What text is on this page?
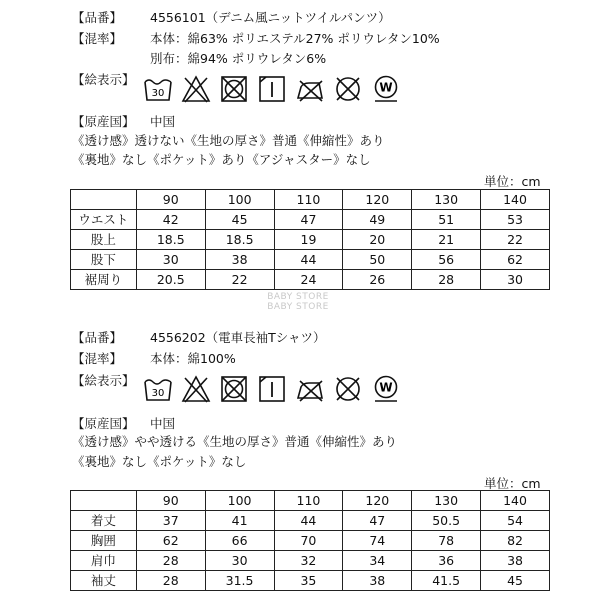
【品番】 4556101（デニム風ニットツイルパンツ）
【混率】 本体：綿63% ポリエステル27% ポリウレタン10%
別布：綿94% ポリウレタン6%
【絵表示】
30	W
【原産国】 中国
《透け感》透けない《生地の厚さ》普通《伸縮性》あり
《裏地》なし《ポケット》あり《アジャスター》なし
単位：cm
	90	100	110	120	130	140
ウエスト	42	45	47	49	51	53
股上	18.5	18.5	19	20	21	22
股下	30	38	44	50	56	62
裾周り	20.5	22	24	26	28	30
BABY STORE
BABY STORE
【品番】 4556202（電車長袖Tシャツ）
【混率】 本体：綿100%
【絵表示】
30	W
【原産国】 中国
《透け感》やや透ける《生地の厚さ》普通《伸縮性》あり
《裏地》なし《ポケット》なし
単位：cm
	90	100	110	120	130	140
着丈	37	41	44	47	50.5	54
胸囲	62	66	70	74	78	82
肩巾	28	30	32	34	36	38
袖丈	28	31.5	35	38	41.5	45
